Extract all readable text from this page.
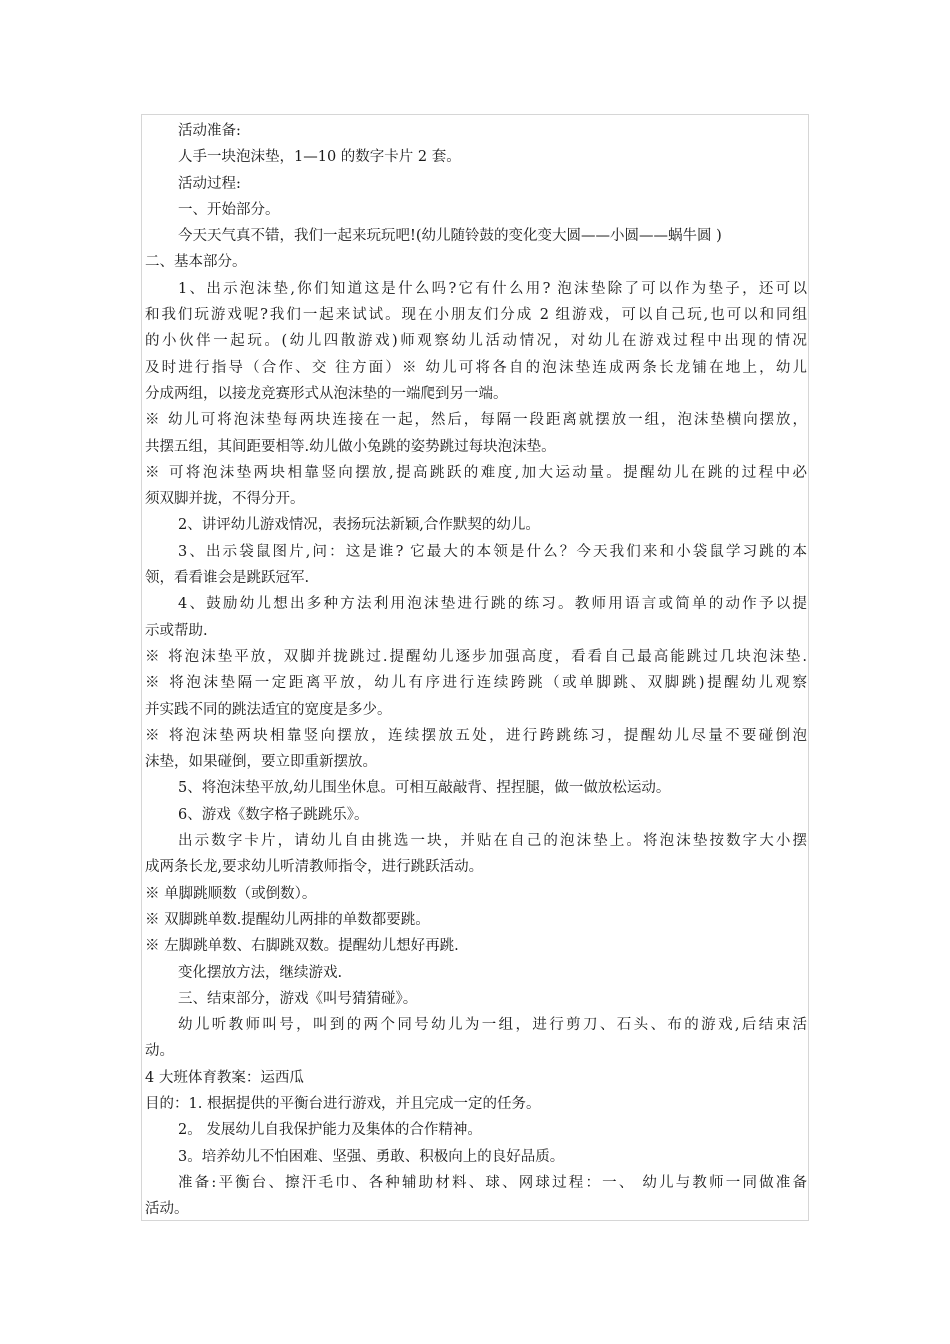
活动准备:
人手一块泡沫垫，1—10 的数字卡片 2 套。
活动过程:
一、开始部分。
今天天气真不错，我们一起来玩玩吧!(幼儿随铃鼓的变化变大圆——小圆——蜗牛圆 )
二、基本部分。
1、出示泡沫垫,你们知道这是什么吗?它有什么用? 泡沫垫除了可以作为垫子，还可以
和我们玩游戏呢?我们一起来试试。现在小朋友们分成 2 组游戏，可以自己玩,也可以和同组
的小伙伴一起玩。(幼儿四散游戏)师观察幼儿活动情况，对幼儿在游戏过程中出现的情况
及时进行指导（合作、交 往方面）※ 幼儿可将各自的泡沫垫连成两条长龙铺在地上，幼儿
分成两组，以接龙竞赛形式从泡沫垫的一端爬到另一端。
※ 幼儿可将泡沫垫每两块连接在一起，然后，每隔一段距离就摆放一组，泡沫垫横向摆放，
共摆五组，其间距要相等.幼儿做小兔跳的姿势跳过每块泡沫垫。
※ 可将泡沫垫两块相靠竖向摆放,提高跳跃的难度,加大运动量。提醒幼儿在跳的过程中必
须双脚并拢，不得分开。
2、讲评幼儿游戏情况，表扬玩法新颖,合作默契的幼儿。
3、出示袋鼠图片,问：这是谁? 它最大的本领是什么？今天我们来和小袋鼠学习跳的本
领，看看谁会是跳跃冠军.
4、鼓励幼儿想出多种方法利用泡沫垫进行跳的练习。教师用语言或简单的动作予以提
示或帮助.
※ 将泡沫垫平放，双脚并拢跳过.提醒幼儿逐步加强高度，看看自己最高能跳过几块泡沫垫.
※ 将泡沫垫隔一定距离平放，幼儿有序进行连续跨跳（或单脚跳、双脚跳)提醒幼儿观察
并实践不同的跳法适宜的宽度是多少。
※ 将泡沫垫两块相靠竖向摆放，连续摆放五处，进行跨跳练习，提醒幼儿尽量不要碰倒泡
沫垫，如果碰倒，要立即重新摆放。
5、将泡沫垫平放,幼儿围坐休息。可相互敲敲背、捏捏腿，做一做放松运动。
6、游戏《数字格子跳跳乐》。
出示数字卡片，请幼儿自由挑选一块，并贴在自己的泡沫垫上。将泡沫垫按数字大小摆
成两条长龙,要求幼儿听清教师指令，进行跳跃活动。
※ 单脚跳顺数（或倒数）。
※ 双脚跳单数.提醒幼儿两排的单数都要跳。
※ 左脚跳单数、右脚跳双数。提醒幼儿想好再跳.
变化摆放方法，继续游戏.
三、结束部分，游戏《叫号猜猜碰》。
幼儿听教师叫号，叫到的两个同号幼儿为一组，进行剪刀、石头、布的游戏,后结束活
动。
4 大班体育教案：运西瓜
目的：1. 根据提供的平衡台进行游戏，并且完成一定的任务。
2。 发展幼儿自我保护能力及集体的合作精神。
3。培养幼儿不怕困难、坚强、勇敢、积极向上的良好品质。
准备:平衡台、擦汗毛巾、各种辅助材料、球、网球过程：一、 幼儿与教师一同做准备
活动。
